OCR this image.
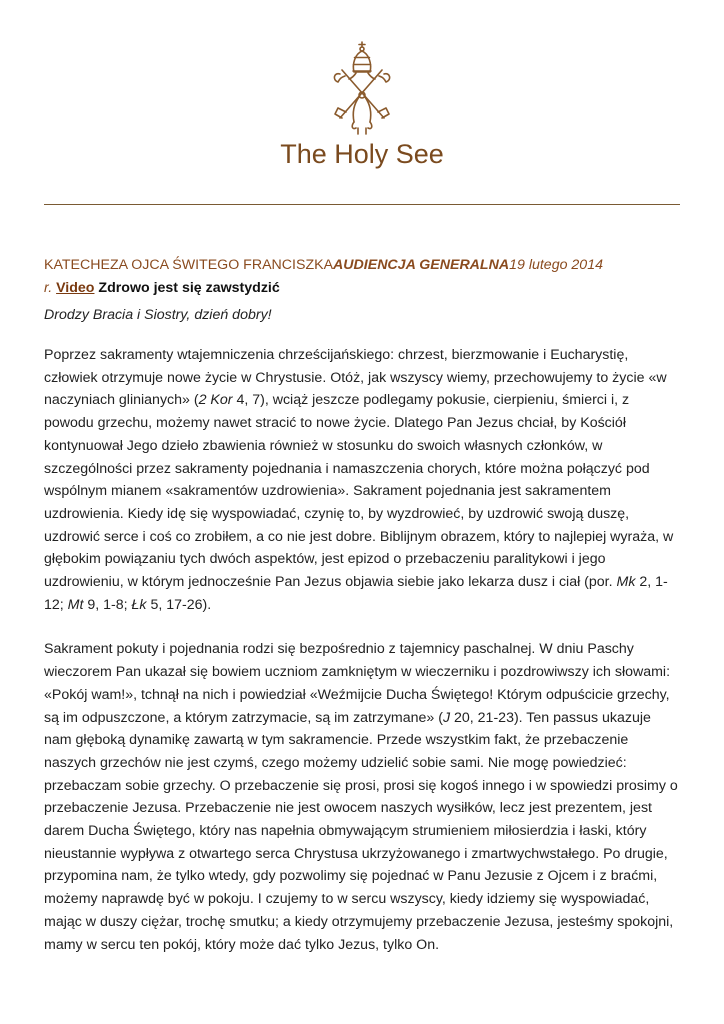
The Holy See
KATECHEZA OJCA ŚWITEGO FRANCISZKAAUDIENCJA GENERALNA19 lutego 2014
r. Video Zdrowo jest się zawstydzić
Drodzy Bracia i Siostry, dzień dobry!

Poprzez sakramenty wtajemniczenia chrześcijańskiego: chrzest, bierzmowanie i Eucharystię, człowiek otrzymuje nowe życie w Chrystusie. Otóż, jak wszyscy wiemy, przechowujemy to życie «w naczyniach glinianych» (2 Kor 4, 7), wciąż jeszcze podlegamy pokusie, cierpieniu, śmierci i, z powodu grzechu, możemy nawet stracić to nowe życie. Dlatego Pan Jezus chciał, by Kościół kontynuował Jego dzieło zbawienia również w stosunku do swoich własnych członków, w szczególności przez sakramenty pojednania i namaszczenia chorych, które można połączyć pod wspólnym mianem «sakramentów uzdrowienia». Sakrament pojednania jest sakramentem uzdrowienia. Kiedy idę się wyspowiadać, czynię to, by wyzdrowieć, by uzdrowić swoją duszę, uzdrowić serce i coś co zrobiłem, a co nie jest dobre. Biblijnym obrazem, który to najlepiej wyraża, w głębokim powiązaniu tych dwóch aspektów, jest epizod o przebaczeniu paralitykowi i jego uzdrowieniu, w którym jednocześnie Pan Jezus objawia siebie jako lekarza dusz i ciał (por. Mk 2, 1-12; Mt 9, 1-8; Łk 5, 17-26).

Sakrament pokuty i pojednania rodzi się bezpośrednio z tajemnicy paschalnej. W dniu Paschy wieczorem Pan ukazał się bowiem uczniom zamkniętym w wieczerniku i pozdrowiwszy ich słowami: «Pokój wam!», tchnął na nich i powiedział «Weźmijcie Ducha Świętego! Którym odpuścicie grzechy, są im odpuszczone, a którym zatrzymacie, są im zatrzymane» (J 20, 21-23). Ten passus ukazuje nam głęboką dynamikę zawartą w tym sakramencie. Przede wszystkim fakt, że przebaczenie naszych grzechów nie jest czymś, czego możemy udzielić sobie sami. Nie mogę powiedzieć: przebaczam sobie grzechy. O przebaczenie się prosi, prosi się kogoś innego i w spowiedzi prosimy o przebaczenie Jezusa. Przebaczenie nie jest owocem naszych wysiłków, lecz jest prezentem, jest darem Ducha Świętego, który nas napełnia obmywającym strumieniem miłosierdzia i łaski, który nieustannie wypływa z otwartego serca Chrystusa ukrzyżowanego i zmartwychwstałego. Po drugie, przypomina nam, że tylko wtedy, gdy pozwolimy się pojednać w Panu Jezusie z Ojcem i z braćmi, możemy naprawdę być w pokoju. I czujemy to w sercu wszyscy, kiedy idziemy się wyspowiadać, mając w duszy ciężar, trochę smutku; a kiedy otrzymujemy przebaczenie Jezusa, jesteśmy spokojni, mamy w sercu ten pokój, który może dać tylko Jezus, tylko On.
